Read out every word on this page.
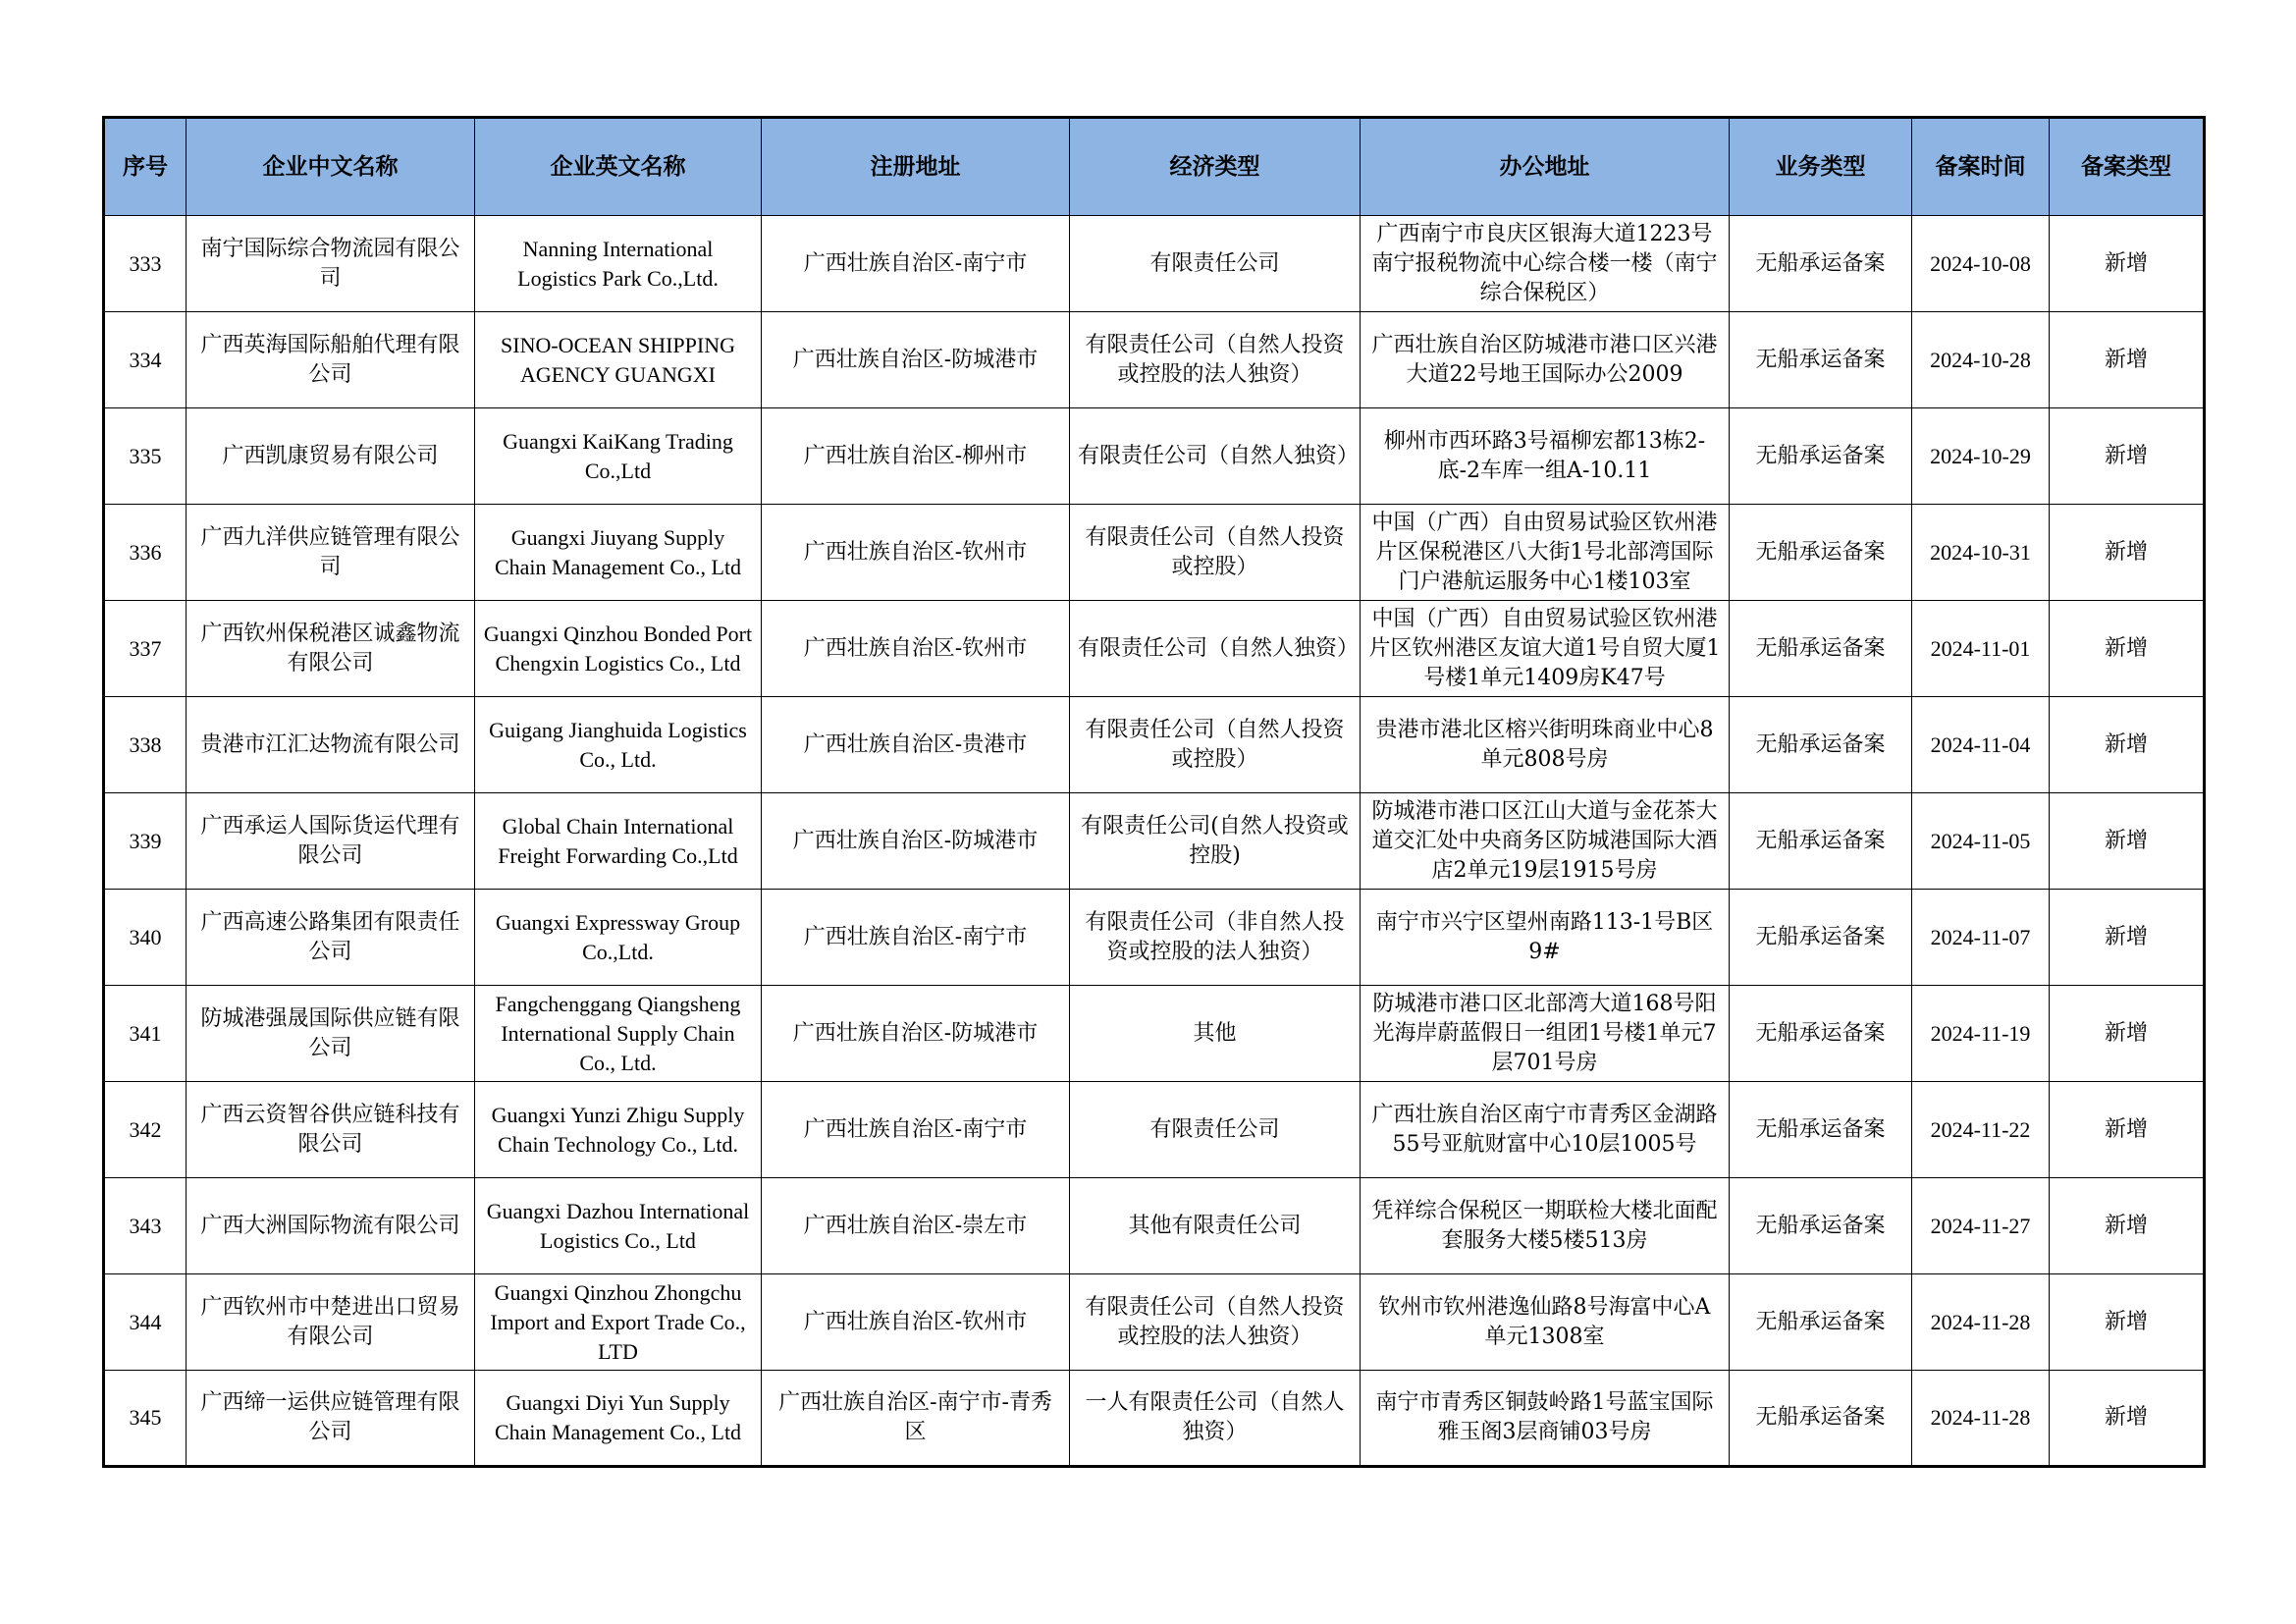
序号	企业中文名称	企业英文名称	注册地址	经济类型	办公地址	业务类型	备案时间	备案类型
333	南宁国际综合物流园有限公司	Nanning International Logistics Park Co.,Ltd.	广西壮族自治区-南宁市	有限责任公司	广西南宁市良庆区银海大道1223号南宁报税物流中心综合楼一楼（南宁综合保税区）	无船承运备案	2024-10-08	新增
334	广西英海国际船舶代理有限公司	SINO-OCEAN SHIPPING AGENCY GUANGXI	广西壮族自治区-防城港市	有限责任公司（自然人投资或控股的法人独资）	广西壮族自治区防城港市港口区兴港大道22号地王国际办公2009	无船承运备案	2024-10-28	新增
335	广西凯康贸易有限公司	Guangxi KaiKang Trading Co.,Ltd	广西壮族自治区-柳州市	有限责任公司（自然人独资）	柳州市西环路3号福柳宏都13栋2-底-2车库一组A-10.11	无船承运备案	2024-10-29	新增
336	广西九洋供应链管理有限公司	Guangxi Jiuyang Supply Chain Management Co., Ltd	广西壮族自治区-钦州市	有限责任公司（自然人投资或控股）	中国（广西）自由贸易试验区钦州港片区保税港区八大街1号北部湾国际门户港航运服务中心1楼103室	无船承运备案	2024-10-31	新增
337	广西钦州保税港区诚鑫物流有限公司	Guangxi Qinzhou Bonded Port Chengxin Logistics Co., Ltd	广西壮族自治区-钦州市	有限责任公司（自然人独资）	中国（广西）自由贸易试验区钦州港片区钦州港区友谊大道1号自贸大厦1号楼1单元1409房K47号	无船承运备案	2024-11-01	新增
338	贵港市江汇达物流有限公司	Guigang Jianghuida Logistics Co., Ltd.	广西壮族自治区-贵港市	有限责任公司（自然人投资或控股）	贵港市港北区榕兴街明珠商业中心8单元808号房	无船承运备案	2024-11-04	新增
339	广西承运人国际货运代理有限公司	Global Chain International Freight Forwarding Co.,Ltd	广西壮族自治区-防城港市	有限责任公司(自然人投资或控股)	防城港市港口区江山大道与金花茶大道交汇处中央商务区防城港国际大酒店2单元19层1915号房	无船承运备案	2024-11-05	新增
340	广西高速公路集团有限责任公司	Guangxi Expressway Group Co.,Ltd.	广西壮族自治区-南宁市	有限责任公司（非自然人投资或控股的法人独资）	南宁市兴宁区望州南路113-1号B区9#	无船承运备案	2024-11-07	新增
341	防城港强晟国际供应链有限公司	Fangchenggang Qiangsheng International Supply Chain Co., Ltd.	广西壮族自治区-防城港市	其他	防城港市港口区北部湾大道168号阳光海岸蔚蓝假日一组团1号楼1单元7层701号房	无船承运备案	2024-11-19	新增
342	广西云资智谷供应链科技有限公司	Guangxi Yunzi Zhigu Supply Chain Technology Co., Ltd.	广西壮族自治区-南宁市	有限责任公司	广西壮族自治区南宁市青秀区金湖路55号亚航财富中心10层1005号	无船承运备案	2024-11-22	新增
343	广西大洲国际物流有限公司	Guangxi Dazhou International Logistics Co., Ltd	广西壮族自治区-崇左市	其他有限责任公司	凭祥综合保税区一期联检大楼北面配套服务大楼5楼513房	无船承运备案	2024-11-27	新增
344	广西钦州市中楚进出口贸易有限公司	Guangxi Qinzhou Zhongchu Import and Export Trade Co., LTD	广西壮族自治区-钦州市	有限责任公司（自然人投资或控股的法人独资）	钦州市钦州港逸仙路8号海富中心A单元1308室	无船承运备案	2024-11-28	新增
345	广西缔一运供应链管理有限公司	Guangxi Diyi Yun Supply Chain Management Co., Ltd	广西壮族自治区-南宁市-青秀区	一人有限责任公司（自然人独资）	南宁市青秀区铜鼓岭路1号蓝宝国际雅玉阁3层商铺03号房	无船承运备案	2024-11-28	新增
